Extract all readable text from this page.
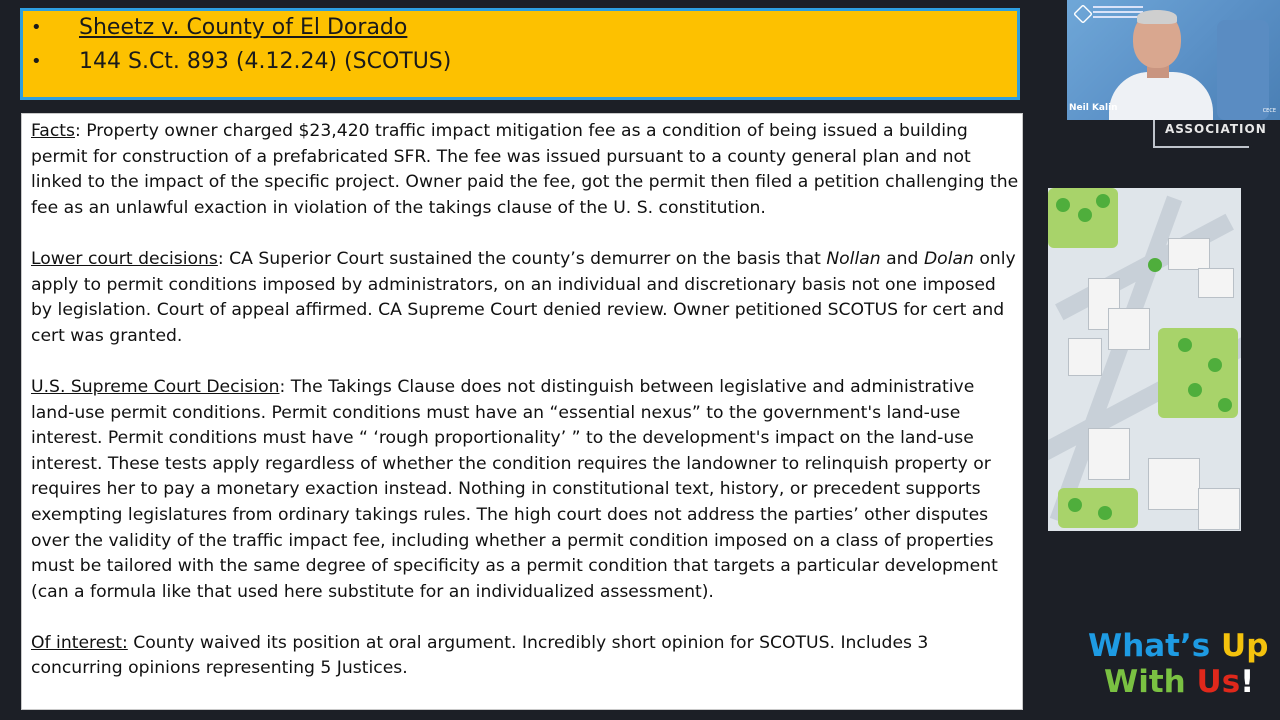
•	Sheetz v. County of El Dorado
•	144 S.Ct. 893 (4.12.24) (SCOTUS)

Facts: Property owner charged $23,420 traffic impact mitigation fee as a condition of being issued a building permit for construction of a prefabricated SFR. The fee was issued pursuant to a county general plan and not linked to the impact of the specific project. Owner paid the fee, got the permit then filed a petition challenging the fee as an unlawful exaction in violation of the takings clause of the U. S. constitution.

Lower court decisions: CA Superior Court sustained the county’s demurrer on the basis that Nollan and Dolan only apply to permit conditions imposed by administrators, on an individual and discretionary basis not one imposed by legislation. Court of appeal affirmed. CA Supreme Court denied review. Owner petitioned SCOTUS for cert and cert was granted.

U.S. Supreme Court Decision: The Takings Clause does not distinguish between legislative and administrative land-use permit conditions. Permit conditions must have an “essential nexus” to the government's land-use interest. Permit conditions must have “ ‘rough proportionality’ ” to the development's impact on the land-use interest. These tests apply regardless of whether the condition requires the landowner to relinquish property or requires her to pay a monetary exaction instead. Nothing in constitutional text, history, or precedent supports exempting legislatures from ordinary takings rules. The high court does not address the parties’ other disputes over the validity of the traffic impact fee, including whether a permit condition imposed on a class of properties must be tailored with the same degree of specificity as a permit condition that targets a particular development (can a formula like that used here substitute for an individualized assessment).

Of interest: County waived its position at oral argument. Incredibly short opinion for SCOTUS. Includes 3 concurring opinions representing 5 Justices.

Neil Kalin	CECE
ASSOCIATION
What’s Up
With Us!
